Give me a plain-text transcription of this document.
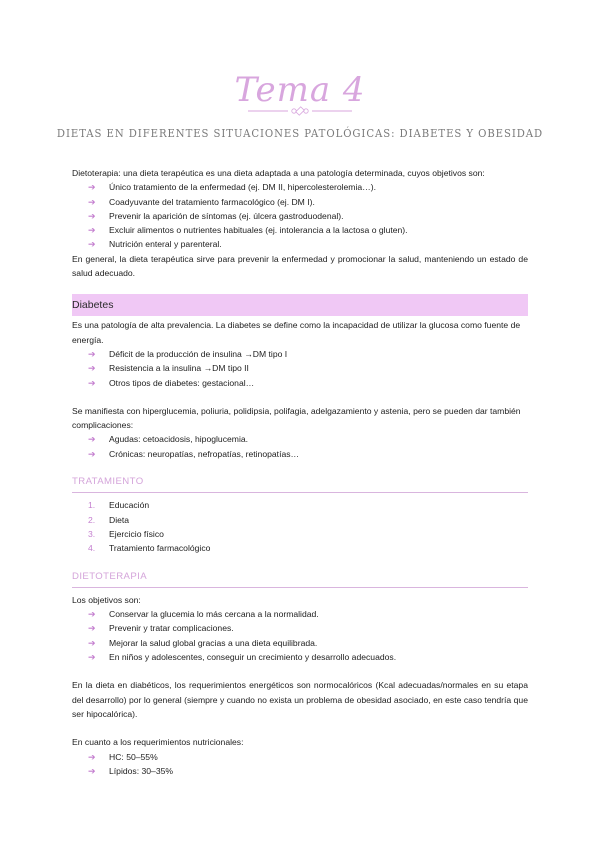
Tema 4
DIETAS EN DIFERENTES SITUACIONES PATOLÓGICAS: DIABETES Y OBESIDAD

Dietoterapia: una dieta terapéutica es una dieta adaptada a una patología determinada, cuyos objetivos son:

➔ Único tratamiento de la enfermedad (ej. DM II, hipercolesterolemia…).
➔ Coadyuvante del tratamiento farmacológico (ej. DM I).
➔ Prevenir la aparición de síntomas (ej. úlcera gastroduodenal).
➔ Excluir alimentos o nutrientes habituales (ej. intolerancia a la lactosa o gluten).
➔ Nutrición enteral y parenteral.

En general, la dieta terapéutica sirve para prevenir la enfermedad y promocionar la salud, manteniendo un estado de salud adecuado.

Diabetes

Es una patología de alta prevalencia. La diabetes se define como la incapacidad de utilizar la glucosa como fuente de energía.

➔ Déficit de la producción de insulina →DM tipo I
➔ Resistencia a la insulina →DM tipo II
➔ Otros tipos de diabetes: gestacional…

Se manifiesta con hiperglucemia, poliuria, polidipsia, polifagia, adelgazamiento y astenia, pero se pueden dar también complicaciones:

➔ Agudas: cetoacidosis, hipoglucemia.
➔ Crónicas: neuropatías, nefropatías, retinopatías…
TRATAMIENTO
1. Educación
2. Dieta
3. Ejercicio físico
4. Tratamiento farmacológico
DIETOTERAPIA

Los objetivos son:

➔ Conservar la glucemia lo más cercana a la normalidad.
➔ Prevenir y tratar complicaciones.
➔ Mejorar la salud global gracias a una dieta equilibrada.
➔ En niños y adolescentes, conseguir un crecimiento y desarrollo adecuados.

En la dieta en diabéticos, los requerimientos energéticos son normocalóricos (Kcal adecuadas/normales en su etapa del desarrollo) por lo general (siempre y cuando no exista un problema de obesidad asociado, en este caso tendría que ser hipocalórica).

En cuanto a los requerimientos nutricionales:

➔ HC: 50–55%
➔ Lípidos: 30–35%
